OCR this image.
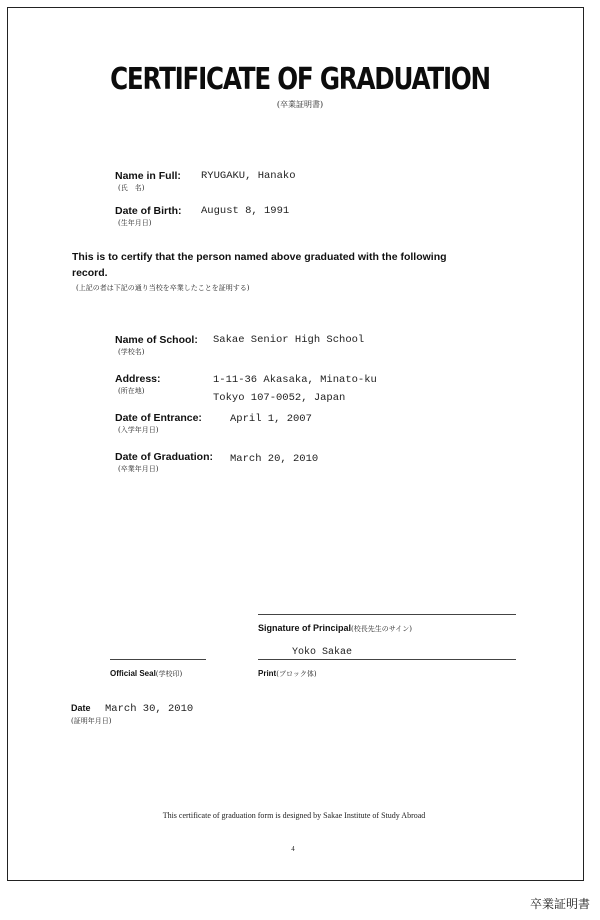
CERTIFICATE OF GRADUATION
(卒業証明書)
Name in Full:
(氏　名)
RYUGAKU, Hanako
Date of Birth:
(生年月日)
August 8, 1991
This is to certify that the person named above graduated with the following
record.
(上記の者は下記の通り当校を卒業したことを証明する)
Name of School:
(学校名)
Sakae Senior High School
Address:
(所在地)
1-11-36 Akasaka, Minato-ku
Tokyo 107-0052, Japan
Date of Entrance:
(入学年月日)
April 1, 2007
Date of Graduation:
(卒業年月日)
March 20, 2010
Signature of Principal(校長先生のサイン)
Yoko Sakae
Print(ブロック体)
Official Seal(学校印)
Date March 30, 2010
(証明年月日)
This certificate of graduation form is designed by Sakae Institute of Study Abroad
4
卒業証明書
